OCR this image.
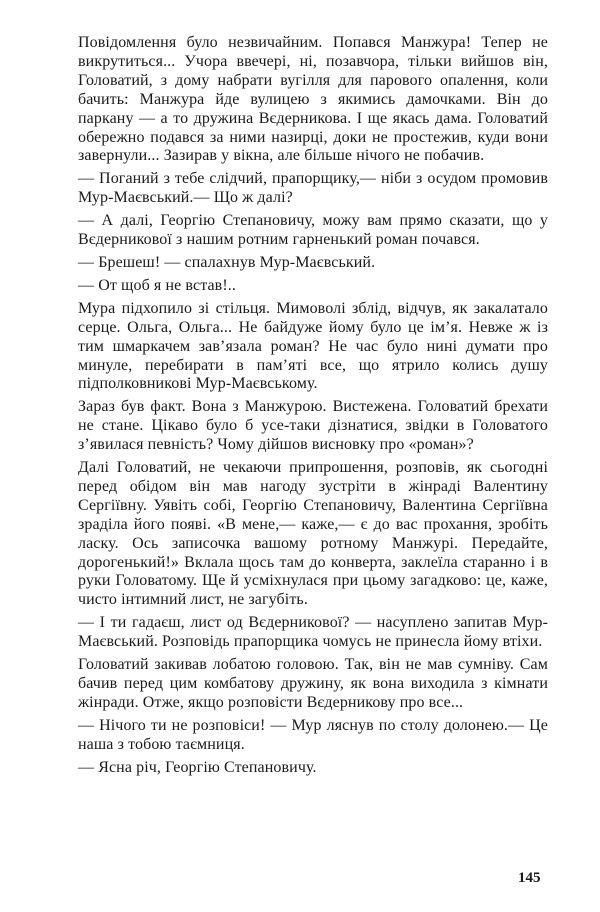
Повідомлення було незвичайним. Попався Манжура! Тепер не викрутиться... Учора ввечері, ні, позавчора, тільки вийшов він, Головатий, з дому набрати вугілля для парового опалення, коли бачить: Манжура йде вулицею з якимись дамочками. Він до паркану — а то дружина Вєдерникова. І ще якась дама. Головатий обережно подався за ними назирці, доки не простежив, куди вони завернули... Зазирав у вікна, але більше нічого не побачив.

— Поганий з тебе слідчий, прапорщику,— ніби з осудом промовив Мур-Маєвський.— Що ж далі?

— А далі, Георгію Степановичу, можу вам прямо сказати, що у Вєдерникової з нашим ротним гарненький роман почався.

— Брешеш! — спалахнув Мур-Маєвський.

— От щоб я не встав!..

Мура підхопило зі стільця. Мимоволі зблід, відчув, як закалатало серце. Ольга, Ольга... Не байдуже йому було це ім’я. Невже ж із тим шмаркачем зав’язала роман? Не час було нині думати про минуле, перебирати в пам’яті все, що ятрило колись душу підполковникові Мур-Маєвському.

Зараз був факт. Вона з Манжурою. Вистежена. Головатий брехати не стане. Цікаво було б усе-таки дізнатися, звідки в Головатого з’явилася певність? Чому дійшов висновку про «роман»?

Далі Головатий, не чекаючи припрошення, розповів, як сьогодні перед обідом він мав нагоду зустріти в жінраді Валентину Сергіївну. Уявіть собі, Георгію Степановичу, Валентина Сергіївна зраділа його появі. «В мене,— каже,— є до вас прохання, зробіть ласку. Ось записочка вашому ротному Манжурі. Передайте, дорогенький!» Вклала щось там до конверта, заклеїла старанно і в руки Головатому. Ще й усміхнулася при цьому загадково: це, каже, чисто інтимний лист, не загубіть.

— І ти гадаєш, лист од Вєдерникової? — насуплено запитав Мур-Маєвський. Розповідь прапорщика чомусь не принесла йому втіхи.

Головатий закивав лобатою головою. Так, він не мав сумніву. Сам бачив перед цим комбатову дружину, як вона виходила з кімнати жінради. Отже, якщо розповісти Вєдерникову про все...

— Нічого ти не розповіси! — Мур ляснув по столу долонею.— Це наша з тобою таємниця.

— Ясна річ, Георгію Степановичу.

145
